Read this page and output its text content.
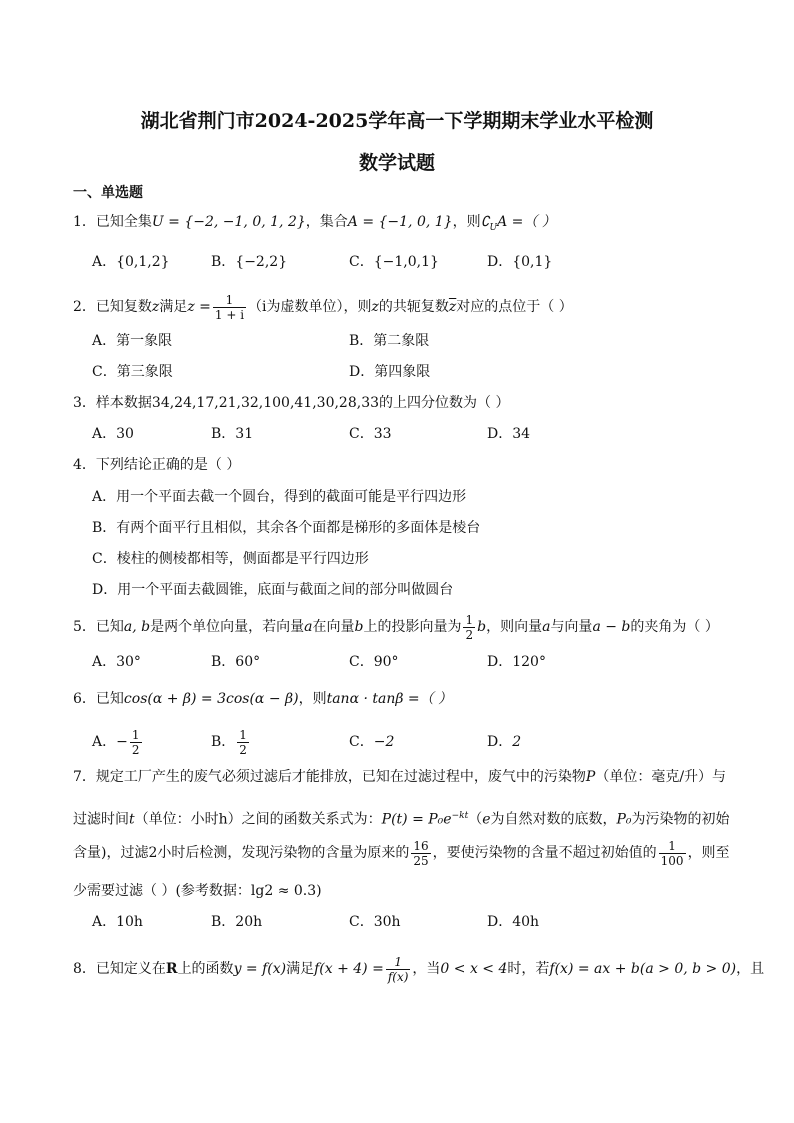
湖北省荆门市2024-2025学年高一下学期期末学业水平检测
数学试题
一、单选题
1．已知全集U = {−2, −1, 0, 1, 2}，集合A = {−1, 0, 1}，则$∁_UA$ =（ ）
A．{0,1,2}	B．{−2,2}	C．{−1,0,1}	D．{0,1}
2．已知复数z满足$z = \frac{1}{1 + i} (i$为虚数单位），则z的共轭复数$\overline{z}$对应的点位于（ ）
A．第一象限	B．第二象限
C．第三象限	D．第四象限
3．样本数据34,24,17,21,32,100,41,30,28,33的上四分位数为（ ）
A．30	B．31	C．33	D．34
4．下列结论正确的是（ ）
A．用一个平面去截一个圆台，得到的截面可能是平行四边形
B．有两个面平行且相似，其余各个面都是梯形的多面体是棱台
C．棱柱的侧棱都相等，侧面都是平行四边形
D．用一个平面去截圆锥，底面与截面之间的部分叫做圆台
5．已知a, b是两个单位向量，若向量a在向量b上的投影向量为 $\frac{1}{2}$ b，则向量a与向量a − b的夹角为（ ）
A．30°	B．60°	C．90°	D．120°
6．已知cos(α + β) = 3cos(α − β)，则tanα · tanβ =（ ）
A．− $\frac{1}{2}$	B． $\frac{1}{2}$	C．−2	D．2
7．规定工厂产生的废气必须过滤后才能排放，已知在过滤过程中，废气中的污染物P（单位：毫克/升）与
过滤时间t（单位：小时h）之间的函数关系式为：$P(t) = P_0e^{-kt}(e$为自然对数的底数，P₀为污染物的初始
含量)，过滤2小时后检测，发现污染物的含量为原来的 $\frac{16}{25}$ ，要使污染物的含量不超过初始值的 $\frac{1}{100}$ ，则至
少需要过滤（ ）(参考数据：lg2 ≈ 0.3)
A．10h	B．20h	C．30h	D．40h
8．已知定义在R上的函数y = f(x)满足$f(x + 4) = \frac{1}{f(x)}$ ，当0 < x < 4时，若f(x) = ax + b(a > 0, b > 0)，且
